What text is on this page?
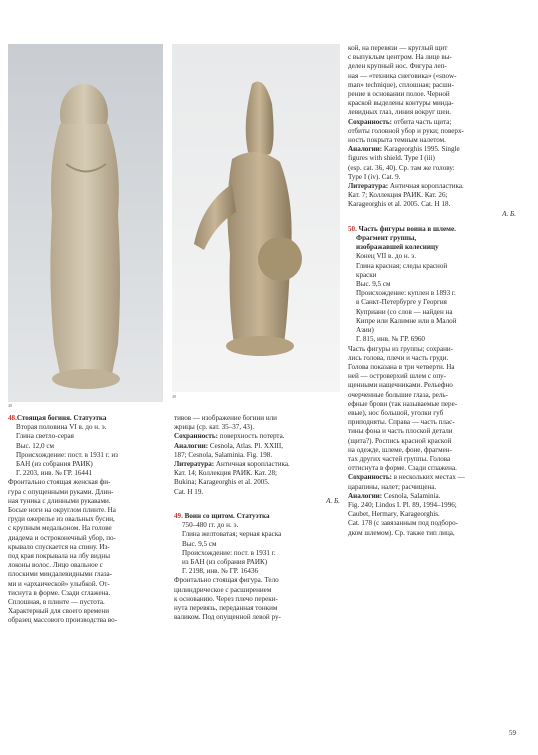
48
49

48.Стоящая богиня. Статуэтка

Вторая половина VI в. до н. э.

Глина светло-серая

Выс. 12,0 см

Происхождение: пост. в 1931 г. из

БАН (из собрания РАИК)

Г. 2203, инв. № ГР. 16441

Фронтально стоящая женская фи-

гура с опущенными руками. Длин-

ная туника с длинными рукавами.

Босые ноги на округлом плинте. На

груди ожерелье из овальных бусин,

с крупным медальоном. На голове

диадема и остроконечный убор, по-

крывало спускается на спину. Из-

под края покрывала на лбу видны

локоны волос. Лицо овальное с

плоскими миндалевидными глаза-

ми и «архаической» улыбкой. От-

тиснута в форме. Сзади сглажена.

Сплошная, в плинте — пустота.

Характерный для своего времени

образец массового производства во-

тивов — изображение богини или

жрицы (ср. кат. 35–37, 43).

Сохранность: поверхность потерта.

Аналогии: Cesnola, Atlas. Pl. XXIII,

187; Cesnola, Salaminia. Fig. 198.

Литература: Античная коропластика.

Кат. 14; Коллекция РАИК. Кат. 28;

Bukina; Karageorghis et al. 2005.

Cat. H 19.

А. Б.

49. Воин со щитом. Статуэтка

750–480 гг. до н. э.

Глина желтоватая; черная краска

Выс. 9,5 см

Происхождение: пост. в 1931 г.

из БАН (из собрания РАИК)

Г. 2198, инв. № ГР. 16436

Фронтально стоящая фигура. Тело

цилиндрическое с расширением

к основанию. Через плечо переки-

нута перевязь, переданная тонким

валиком. Под опущенной левой ру-

кой, на перевязи — круглый щит

с выпуклым центром. На лице вы-

делен крупный нос. Фигура леп-

ная — «техника снеговика» («snow-

man» technique), сплошная; расши-

рение в основании полое. Черной

краской выделены контуры минда-

левидных глаз, линия вокруг шеи.

Сохранность: отбита часть щита;

отбиты головной убор и руки; поверх-

ность покрыта темным налетом.

Аналогии: Karageorghis 1995. Single

figures with shield. Type I (iii)

(esp. cat. 36, 40). Ср. там же голову:

Type I (iv). Cat. 9.

Литература: Античная коропластика.

Кат. 7; Коллекция РАИК. Кат. 26;

Karageorghis et al. 2005. Cat. H 18.

А. Б.

50. Часть фигуры воина в шлеме.

Фрагмент группы,

изображавшей колесницу

Конец VII в. до н. э.

Глина красная; следы красной

краски

Выс. 9,5 см

Происхождение: куплен в 1893 г.

в Санкт-Петербурге у Георгия

Куприани (со слов — найден на

Кипре или Калимне или в Малой

Азии)

Г. 815, инв. № ГР. 6960

Часть фигуры из группы; сохрани-

лись голова, плечи и часть груди.

Голова показана в три четверти. На

ней — островерхий шлем с опу-

щенными нащечниками. Рельефно

очерченные большие глаза, рель-

ефные брови (так называемые пере-

евые), нос большой, уголки губ

приподняты. Справа — часть плас-

тины фона и часть плоской детали

(щита?). Роспись красной краской

на одежде, шлеме, фоне, фрагмен-

тах других частей группы. Голова

оттиснута в форме. Сзади сглажена.

Сохранность: в нескольких местах —

царапины, налет; расчищена.

Аналогии: Cesnola, Salaminia.

Fig. 240; Lindos I. Pl. 89, 1994–1996;

Caubet, Hermary, Karageorghis.

Cat. 178 (с завязанным под подборо-

дком шлемом). Ср. также тип лица,

59
